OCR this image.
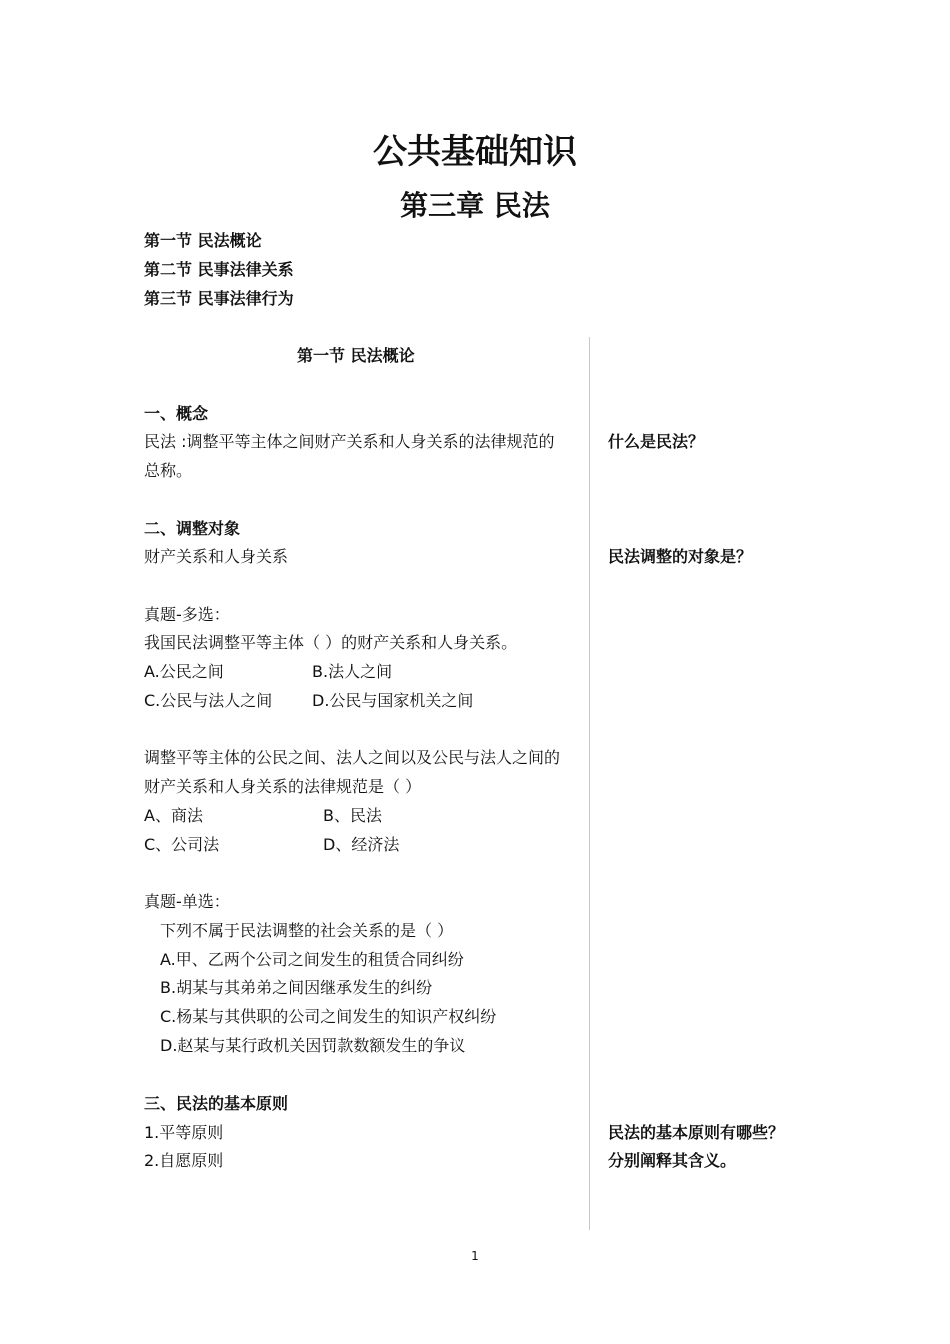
公共基础知识
第三章 民法
第一节 民法概论
第二节 民事法律关系
第三节 民事法律行为
第一节 民法概论
一、概念
民法 :调整平等主体之间财产关系和人身关系的法律规范的
总称。
二、调整对象
财产关系和人身关系
真题-多选：
我国民法调整平等主体（ ）的财产关系和人身关系。
A.公民之间	B.法人之间
C.公民与法人之间 D.公民与国家机关之间
调整平等主体的公民之间、法人之间以及公民与法人之间的
财产关系和人身关系的法律规范是（ ）
A、商法	B、民法
C、公司法	D、经济法
真题-单选：
下列不属于民法调整的社会关系的是（ ）
A.甲、乙两个公司之间发生的租赁合同纠纷
B.胡某与其弟弟之间因继承发生的纠纷
C.杨某与其供职的公司之间发生的知识产权纠纷
D.赵某与某行政机关因罚款数额发生的争议
三、民法的基本原则
1.平等原则
2.自愿原则
什么是民法？
民法调整的对象是？
民法的基本原则有哪些？
分别阐释其含义。
1
